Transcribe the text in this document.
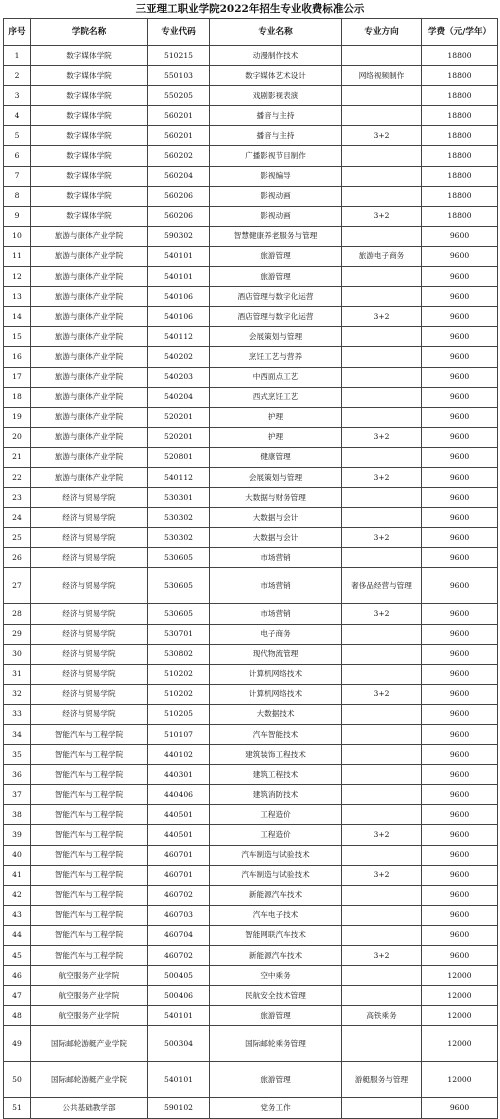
三亚理工职业学院2022年招生专业收费标准公示
序号	学院名称	专业代码	专业名称	专业方向	学费（元/学年）
1	数字媒体学院	510215	动漫制作技术		18800
2	数字媒体学院	550103	数字媒体艺术设计	网络视频制作	18800
3	数字媒体学院	550205	戏剧影视表演		18800
4	数字媒体学院	560201	播音与主持		18800
5	数字媒体学院	560201	播音与主持	3+2	18800
6	数字媒体学院	560202	广播影视节目制作		18800
7	数字媒体学院	560204	影视编导		18800
8	数字媒体学院	560206	影视动画		18800
9	数字媒体学院	560206	影视动画	3+2	18800
10	旅游与康体产业学院	590302	智慧健康养老服务与管理		9600
11	旅游与康体产业学院	540101	旅游管理	旅游电子商务	9600
12	旅游与康体产业学院	540101	旅游管理		9600
13	旅游与康体产业学院	540106	酒店管理与数字化运营		9600
14	旅游与康体产业学院	540106	酒店管理与数字化运营	3+2	9600
15	旅游与康体产业学院	540112	会展策划与管理		9600
16	旅游与康体产业学院	540202	烹饪工艺与营养		9600
17	旅游与康体产业学院	540203	中西面点工艺		9600
18	旅游与康体产业学院	540204	西式烹饪工艺		9600
19	旅游与康体产业学院	520201	护理		9600
20	旅游与康体产业学院	520201	护理	3+2	9600
21	旅游与康体产业学院	520801	健康管理		9600
22	旅游与康体产业学院	540112	会展策划与管理	3+2	9600
23	经济与贸易学院	530301	大数据与财务管理		9600
24	经济与贸易学院	530302	大数据与会计		9600
25	经济与贸易学院	530302	大数据与会计	3+2	9600
26	经济与贸易学院	530605	市场营销		9600
27	经济与贸易学院	530605	市场营销	奢侈品经营与管理	9600
28	经济与贸易学院	530605	市场营销	3+2	9600
29	经济与贸易学院	530701	电子商务		9600
30	经济与贸易学院	530802	现代物流管理		9600
31	经济与贸易学院	510202	计算机网络技术		9600
32	经济与贸易学院	510202	计算机网络技术	3+2	9600
33	经济与贸易学院	510205	大数据技术		9600
34	智能汽车与工程学院	510107	汽车智能技术		9600
35	智能汽车与工程学院	440102	建筑装饰工程技术		9600
36	智能汽车与工程学院	440301	建筑工程技术		9600
37	智能汽车与工程学院	440406	建筑消防技术		9600
38	智能汽车与工程学院	440501	工程造价		9600
39	智能汽车与工程学院	440501	工程造价	3+2	9600
40	智能汽车与工程学院	460701	汽车制造与试验技术		9600
41	智能汽车与工程学院	460701	汽车制造与试验技术	3+2	9600
42	智能汽车与工程学院	460702	新能源汽车技术		9600
43	智能汽车与工程学院	460703	汽车电子技术		9600
44	智能汽车与工程学院	460704	智能网联汽车技术		9600
45	智能汽车与工程学院	460702	新能源汽车技术	3+2	9600
46	航空服务产业学院	500405	空中乘务		12000
47	航空服务产业学院	500406	民航安全技术管理		12000
48	航空服务产业学院	540101	旅游管理	高铁乘务	12000
49	国际邮轮游艇产业学院	500304	国际邮轮乘务管理		12000
50	国际邮轮游艇产业学院	540101	旅游管理	游艇服务与管理	12000
51	公共基础教学部	590102	党务工作		9600
